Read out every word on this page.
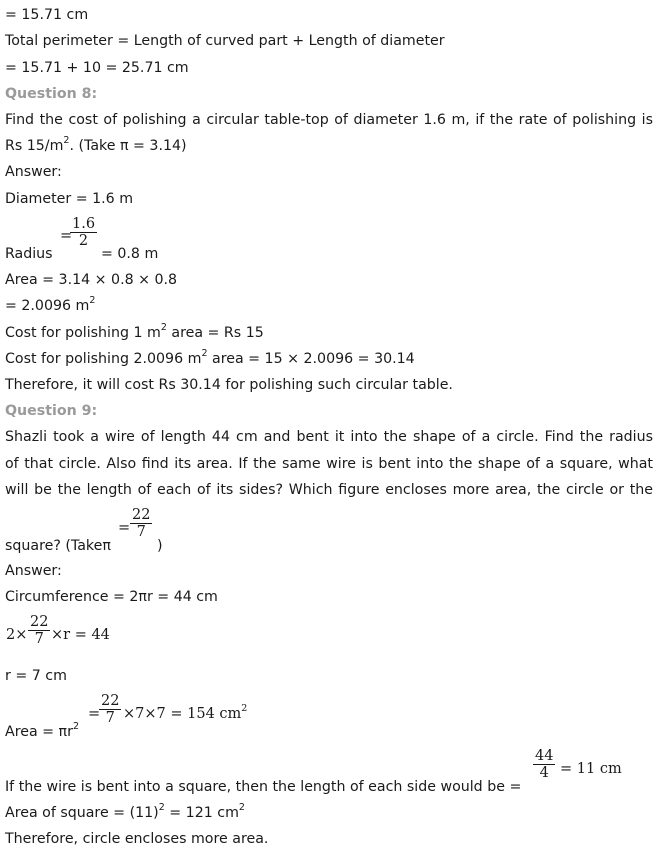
= 15.71 cm
Total perimeter = Length of curved part + Length of diameter
= 15.71 + 10 = 25.71 cm
Question 8:
Find the cost of polishing a circular table-top of diameter 1.6 m, if the rate of polishing is
Rs $15/m^2$. (Take π = 3.14)
Answer:
Diameter = 1.6 m
Radius
=
$\frac{1.6}{2}$
= 0.8 m
Area = 3.14 × 0.8 × 0.8
= 2.0096 $m^2$
Cost for polishing 1 $m^2$ area = Rs 15
Cost for polishing 2.0096 $m^2$ area = 15 × 2.0096 = 30.14
Therefore, it will cost Rs 30.14 for polishing such circular table.
Question 9:
Shazli took a wire of length 44 cm and bent it into the shape of a circle. Find the radius
of that circle. Also find its area. If the same wire is bent into the shape of a square, what
will be the length of each of its sides? Which figure encloses more area, the circle or the
square? (Takeπ
= $\frac{22}{7}$
)
Answer:
Circumference = 2πr = 44 cm
$2\times \frac{22}{7} \times r = 44$
r = 7 cm
Area = $\pi r^2$
=
$\frac{22}{7} \times 7\times 7 = 154$ $cm^2$
If the wire is bent into a square, then the length of each side would be =
$\frac{44}{4} = 11$ cm
Area of square = $(11)^2 = 121$ $cm^2$
Therefore, circle encloses more area.
